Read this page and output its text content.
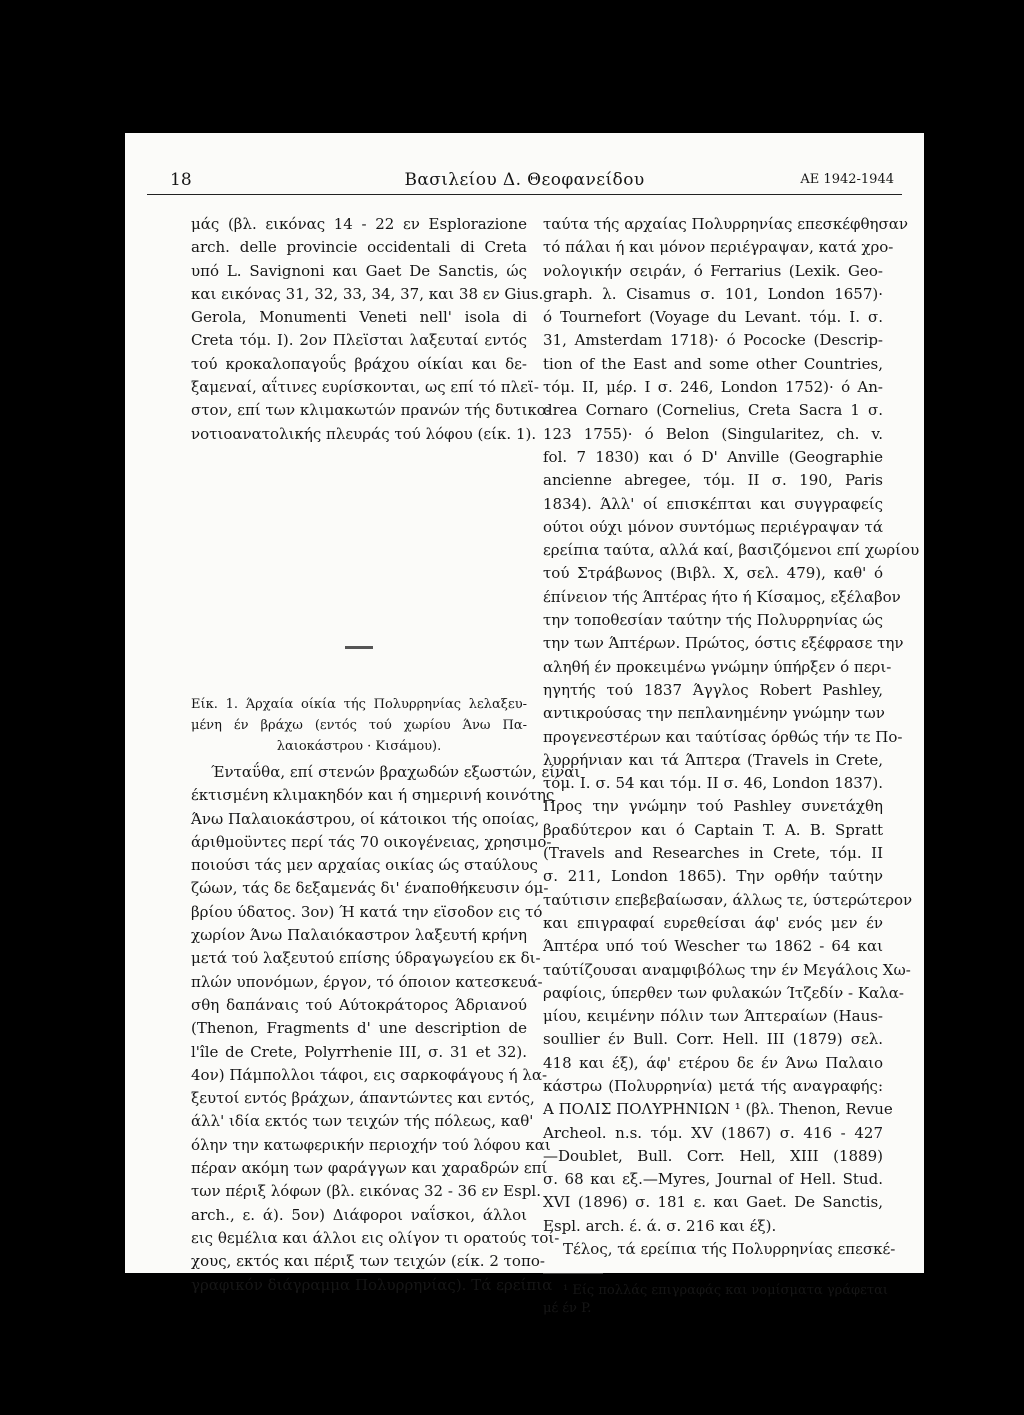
18	Βασιλείου Δ. Θεοφανείδου	ΑΕ 1942-1944
μάς (βλ. εικόνας 14 - 22 εν Esplorazione
arch. delle provincie occidentali di Creta
υπό L. Savignoni και Gaet De Sanctis, ώς
και εικόνας 31, 32, 33, 34, 37, και 38 εν Gius.
Gerola, Monumenti Veneti nell' isola di
Creta τόμ. I). 2ον Πλεϊσται λαξευταί εντός
τού κροκαλοπαγοΰς βράχου οίκίαι και δε-
ξαμεναί, αΐτινες ευρίσκονται, ως επί τό πλεϊ-
στον, επί των κλιμακωτών πρανών τής δυτικο-
νοτιοανατολικής πλευράς τού λόφου (είκ. 1).
Είκ. 1. Άρχαία οίκία τής Πολυρρηνίας λελαξευ-
μένη έν βράχω (εντός τού χωρίου Άνω Πα-
λαιοκάστρου · Κισάμου).
Ένταΰθα, επί στενών βραχωδών εξωστών, είναι
έκτισμένη κλιμακηδόν και ή σημερινή κοινότης
Άνω Παλαιοκάστρου, οί κάτοικοι τής οποίας,
άριθμοϋντες περί τάς 70 οικογένειας, χρησιμο-
ποιούσι τάς μεν αρχαίας οικίας ώς σταύλους
ζώων, τάς δε δεξαμενάς δι' έναποθήκευσιν όμ-
βρίου ύδατος. 3ον) Ή κατά την εϊσοδον εις τό
χωρίον Άνω Παλαιόκαστρον λαξευτή κρήνη
μετά τού λαξευτού επίσης ύδραγωγείου εκ δι-
πλών υπονόμων, έργον, τό όποιον κατεσκευά-
σθη δαπάναις τού Αύτοκράτορος Άδριανού
(Thenon, Fragments d' une description de
l'île de Crete, Polyrrhenie III, σ. 31 et 32).
4ον) Πάμπολλοι τάφοι, εις σαρκοφάγους ή λα-
ξευτοί εντός βράχων, άπαντώντες και εντός,
άλλ' ιδία εκτός των τειχών τής πόλεως, καθ'
όλην την κατωφερικήν περιοχήν τού λόφου και
πέραν ακόμη των φαράγγων και χαραδρών επί
των πέριξ λόφων (βλ. εικόνας 32 - 36 εν Espl.
arch., ε. ά). 5ον) Διάφοροι ναΐσκοι, άλλοι
εις θεμέλια και άλλοι εις ολίγον τι ορατούς τοί-
χους, εκτός και πέριξ των τειχών (είκ. 2 τοπο-
γραφικόν διάγραμμα Πολυρρηνίας). Τά ερείπια
ταύτα τής αρχαίας Πολυρρηνίας επεσκέφθησαν
τό πάλαι ή και μόνον περιέγραψαν, κατά χρο-
νολογικήν σειράν, ό Ferrarius (Lexik. Geo-
graph. λ. Cisamus σ. 101, London 1657)·
ό Tournefort (Voyage du Levant. τόμ. I. σ.
31, Amsterdam 1718)· ό Pococke (Descrip-
tion of the East and some other Countries,
τόμ. II, μέρ. I σ. 246, London 1752)· ό An-
drea Cornaro (Cornelius, Creta Sacra 1 σ.
123 1755)· ό Belon (Singularitez, ch. v.
fol. 7 1830) και ό D' Anville (Geographie
ancienne abregee, τόμ. II σ. 190, Paris
1834). Άλλ' οί επισκέπται και συγγραφείς
ούτοι ούχι μόνον συντόμως περιέγραψαν τά
ερείπια ταύτα, αλλά καί, βασιζόμενοι επί χωρίου
τού Στράβωνος (Βιβλ. X, σελ. 479), καθ' ό
έπίνειον τής Άπτέρας ήτο ή Κίσαμος, εξέλαβον
την τοποθεσίαν ταύτην τής Πολυρρηνίας ώς
την των Άπτέρων. Πρώτος, όστις εξέφρασε την
αληθή έν προκειμένω γνώμην ύπήρξεν ό περι-
ηγητής τού 1837 Άγγλος Robert Pashley,
αντικρούσας την πεπλανημένην γνώμην των
προγενεστέρων και ταύτίσας όρθώς τήν τε Πο-
λυρρήνιαν και τά Άπτερα (Travels in Crete,
τόμ. I. σ. 54 και τόμ. II σ. 46, London 1837).
Προς την γνώμην τού Pashley συνετάχθη
βραδύτερον και ό Captain T. A. B. Spratt
(Travels and Researches in Crete, τόμ. II
σ. 211, London 1865). Την ορθήν ταύτην
ταύτισιν επεβεβαίωσαν, άλλως τε, ύστερώτερον
και επιγραφαί ευρεθείσαι άφ' ενός μεν έν
Άπτέρα υπό τού Wescher τω 1862 - 64 και
ταύτίζουσαι αναμφιβόλως την έν Μεγάλοις Χω-
ραφίοις, ύπερθεν των φυλακών Ίτζεδίν - Καλα-
μίου, κειμένην πόλιν των Άπτεραίων (Haus-
soullier έν Bull. Corr. Hell. III (1879) σελ.
418 και έξ), άφ' ετέρου δε έν Άνω Παλαιο
κάστρω (Πολυρρηνία) μετά τής αναγραφής:
Α ΠΟΛΙΣ ΠΟΛΥΡΗΝΙΩΝ ¹ (βλ. Thenon, Revue
Archeol. n.s. τόμ. XV (1867) σ. 416 - 427
—Doublet, Bull. Corr. Hell, XIII (1889)
σ. 68 και εξ.—Myres, Journal of Hell. Stud.
XVI (1896) σ. 181 ε. και Gaet. De Sanctis,
Espl. arch. έ. ά. σ. 216 και έξ).
Τέλος, τά ερείπια τής Πολυρρηνίας επεσκέ-
¹ Είς πολλάς επιγραφάς και νομίσματα γράφεται
μέ έν P.
